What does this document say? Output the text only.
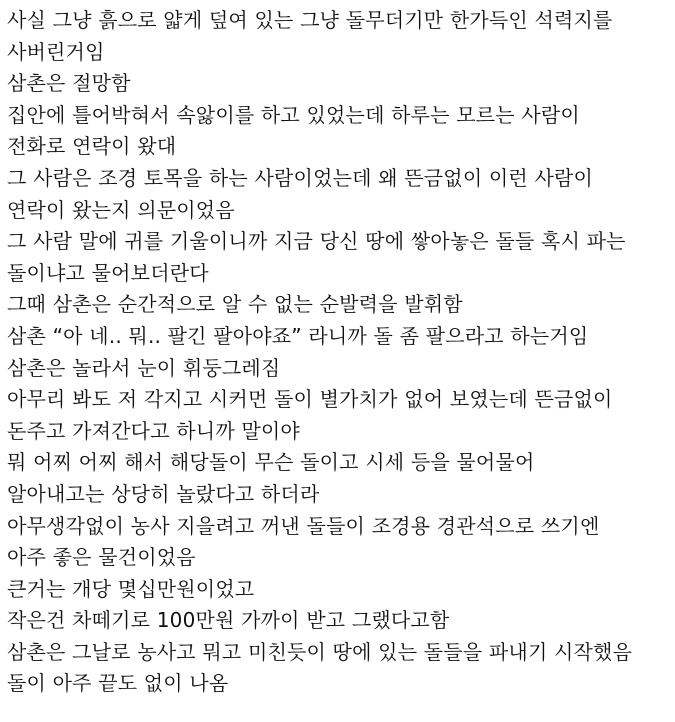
사실 그냥 흙으로 얇게 덮여 있는 그냥 돌무더기만 한가득인 석력지를
사버린거임
삼촌은 절망함
집안에 틀어박혀서 속앓이를 하고 있었는데 하루는 모르는 사람이
전화로 연락이 왔대
그 사람은 조경 토목을 하는 사람이었는데 왜 뜬금없이 이런 사람이
연락이 왔는지 의문이었음
그 사람 말에 귀를 기울이니까 지금 당신 땅에 쌓아놓은 돌들 혹시 파는
돌이냐고 물어보더란다
그때 삼촌은 순간적으로 알 수 없는 순발력을 발휘함
삼촌 “아 네.. 뭐.. 팔긴 팔아야죠” 라니까 돌 좀 팔으라고 하는거임
삼촌은 놀라서 눈이 휘둥그레짐
아무리 봐도 저 각지고 시커먼 돌이 별가치가 없어 보였는데 뜬금없이
돈주고 가져간다고 하니까 말이야
뭐 어찌 어찌 해서 해당돌이 무슨 돌이고 시세 등을 물어물어
알아내고는 상당히 놀랐다고 하더라
아무생각없이 농사 지을려고 꺼낸 돌들이 조경용 경관석으로 쓰기엔
아주 좋은 물건이었음
큰거는 개당 몇십만원이었고
작은건 차떼기로 100만원 가까이 받고 그랬다고함
삼촌은 그날로 농사고 뭐고 미친듯이 땅에 있는 돌들을 파내기 시작했음
돌이 아주 끝도 없이 나옴
